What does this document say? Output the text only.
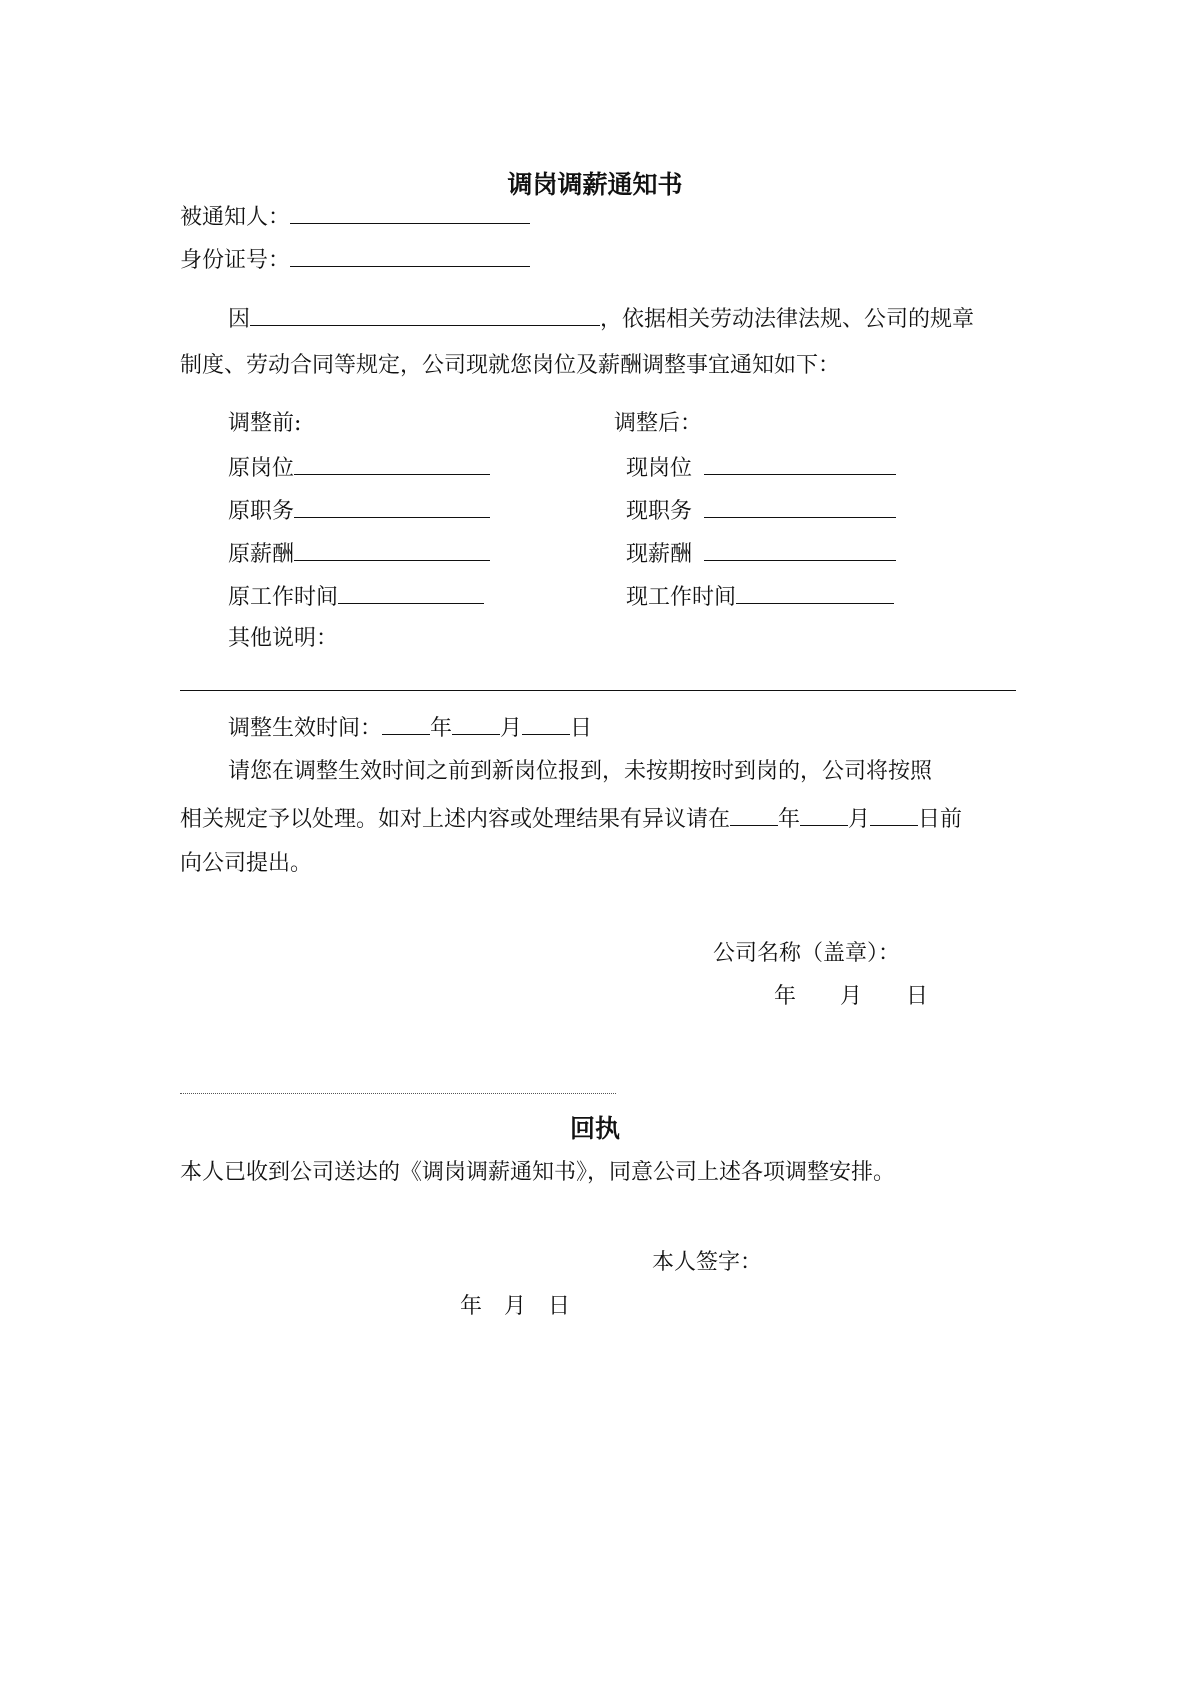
调岗调薪通知书
被通知人：
身份证号：
因	，依据相关劳动法律法规、公司的规章
制度、劳动合同等规定，公司现就您岗位及薪酬调整事宜通知如下：
调整前:	调整后：
原岗位
原职务
原薪酬
原工作时间
现岗位
现职务
现薪酬
现工作时间
其他说明：
调整生效时间： 年 月 日
请您在调整生效时间之前到新岗位报到，未按期按时到岗的，公司将按照
相关规定予以处理。如对上述内容或处理结果有异议请在 年 月 日前
向公司提出。
公司名称（盖章）：
年　　月　　日
回执
本人已收到公司送达的《调岗调薪通知书》，同意公司上述各项调整安排。
本人签字：
年　月　日
